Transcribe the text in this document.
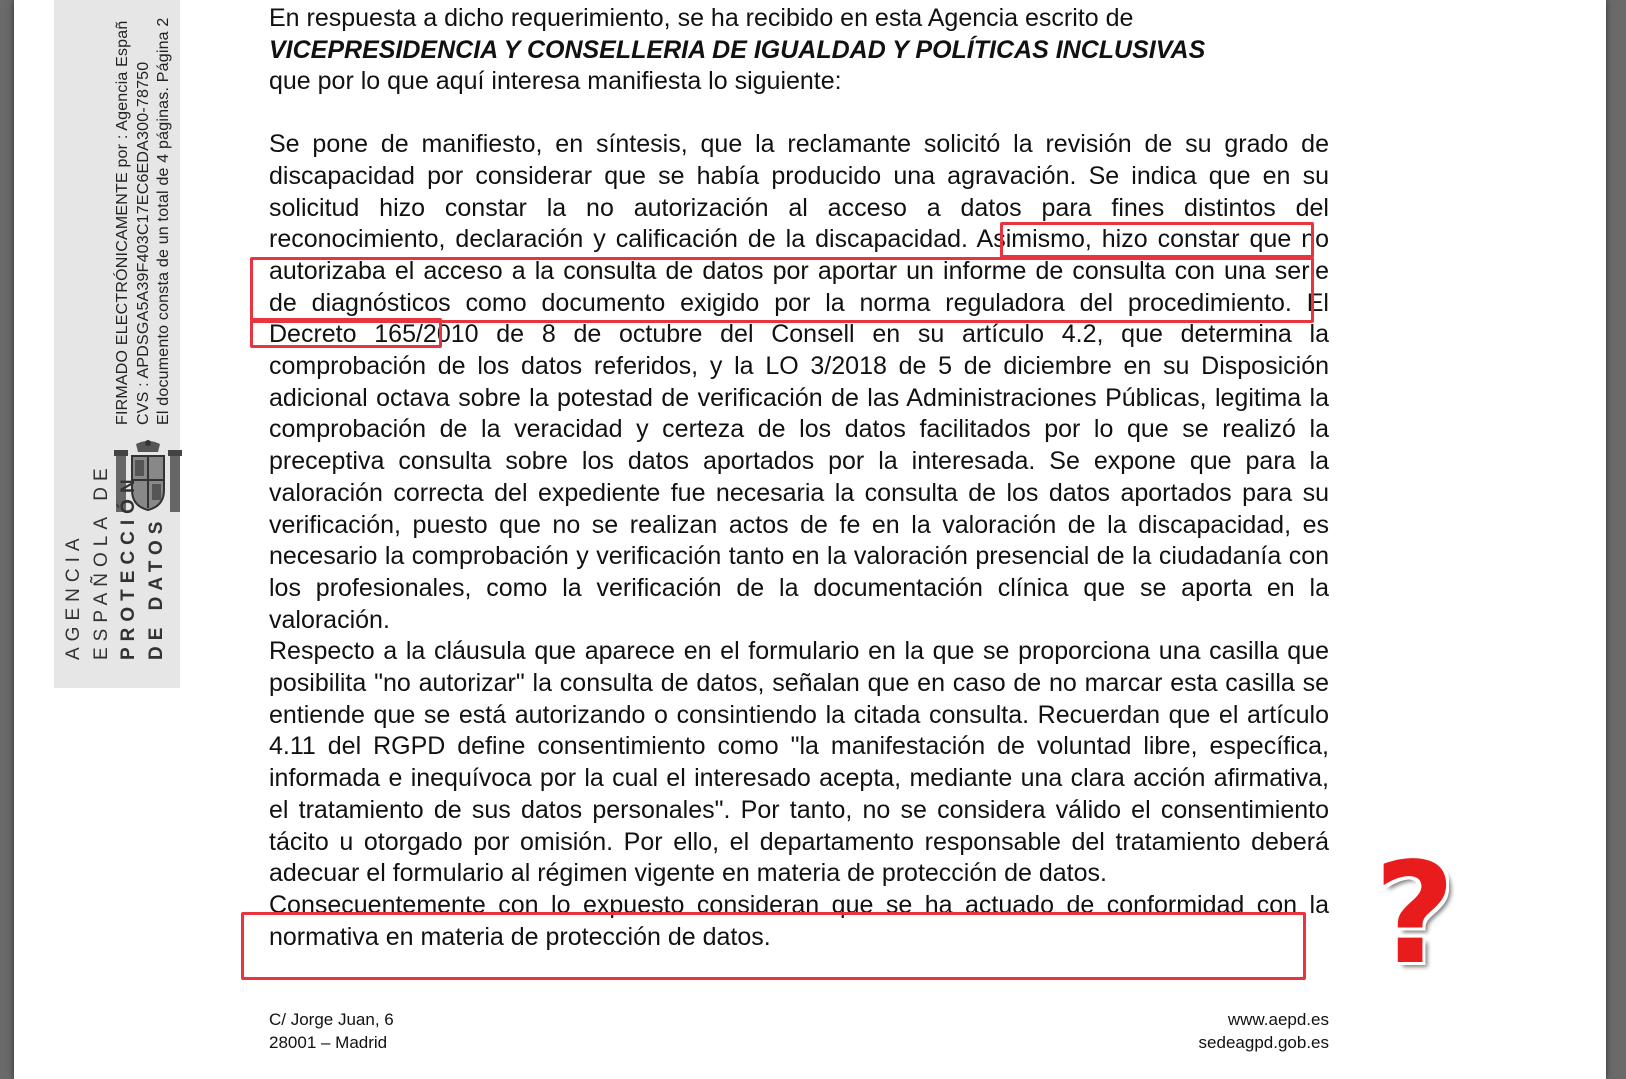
FIRMADO ELECTRÓNICAMENTE por : Agencia Españ CVS : APDSGA5A39F403C17EC6EDA300-78750 El documento consta de un total de 4 páginas. Página 2
AGENCIA ESPAÑOLA DE PROTECCIÓN DE DATOS

En respuesta a dicho requerimiento, se ha recibido en esta Agencia escrito de

VICEPRESIDENCIA Y CONSELLERIA DE IGUALDAD Y POLÍTICAS INCLUSIVAS

que por lo que aquí interesa manifiesta lo siguiente:

Se pone de manifiesto, en síntesis, que la reclamante solicitó la revisión de su grado de discapacidad por considerar que se había producido una agravación. Se indica que en su solicitud hizo constar la no autorización al acceso a datos para fines distintos del reconocimiento, declaración y calificación de la discapacidad. Asimismo, hizo constar que no autorizaba el acceso a la consulta de datos por aportar un informe de consulta con una serie de diagnósticos como documento exigido por la norma reguladora del procedimiento. El Decreto 165/2010 de 8 de octubre del Consell en su artículo 4.2, que determina la comprobación de los datos referidos, y la LO 3/2018 de 5 de diciembre en su Disposición adicional octava sobre la potestad de verificación de las Administraciones Públicas, legitima la comprobación de la veracidad y certeza de los datos facilitados por lo que se realizó la preceptiva consulta sobre los datos aportados por la interesada. Se expone que para la valoración correcta del expediente fue necesaria la consulta de los datos aportados para su verificación, puesto que no se realizan actos de fe en la valoración de la discapacidad, es necesario la comprobación y verificación tanto en la valoración presencial de la ciudadanía con los profesionales, como la verificación de la documentación clínica que se aporta en la valoración.

Respecto a la cláusula que aparece en el formulario en la que se proporciona una casilla que posibilita "no autorizar" la consulta de datos, señalan que en caso de no marcar esta casilla se entiende que se está autorizando o consintiendo la citada consulta. Recuerdan que el artículo 4.11 del RGPD define consentimiento como "la manifestación de voluntad libre, específica, informada e inequívoca por la cual el interesado acepta, mediante una clara acción afirmativa, el tratamiento de sus datos personales". Por tanto, no se considera válido el consentimiento tácito u otorgado por omisión. Por ello, el departamento responsable del tratamiento deberá adecuar el formulario al régimen vigente en materia de protección de datos.

Consecuentemente con lo expuesto consideran que se ha actuado de conformidad con la normativa en materia de protección de datos.

C/ Jorge Juan, 6
28001 – Madrid
www.aepd.es
sedeagpd.gob.es
?
